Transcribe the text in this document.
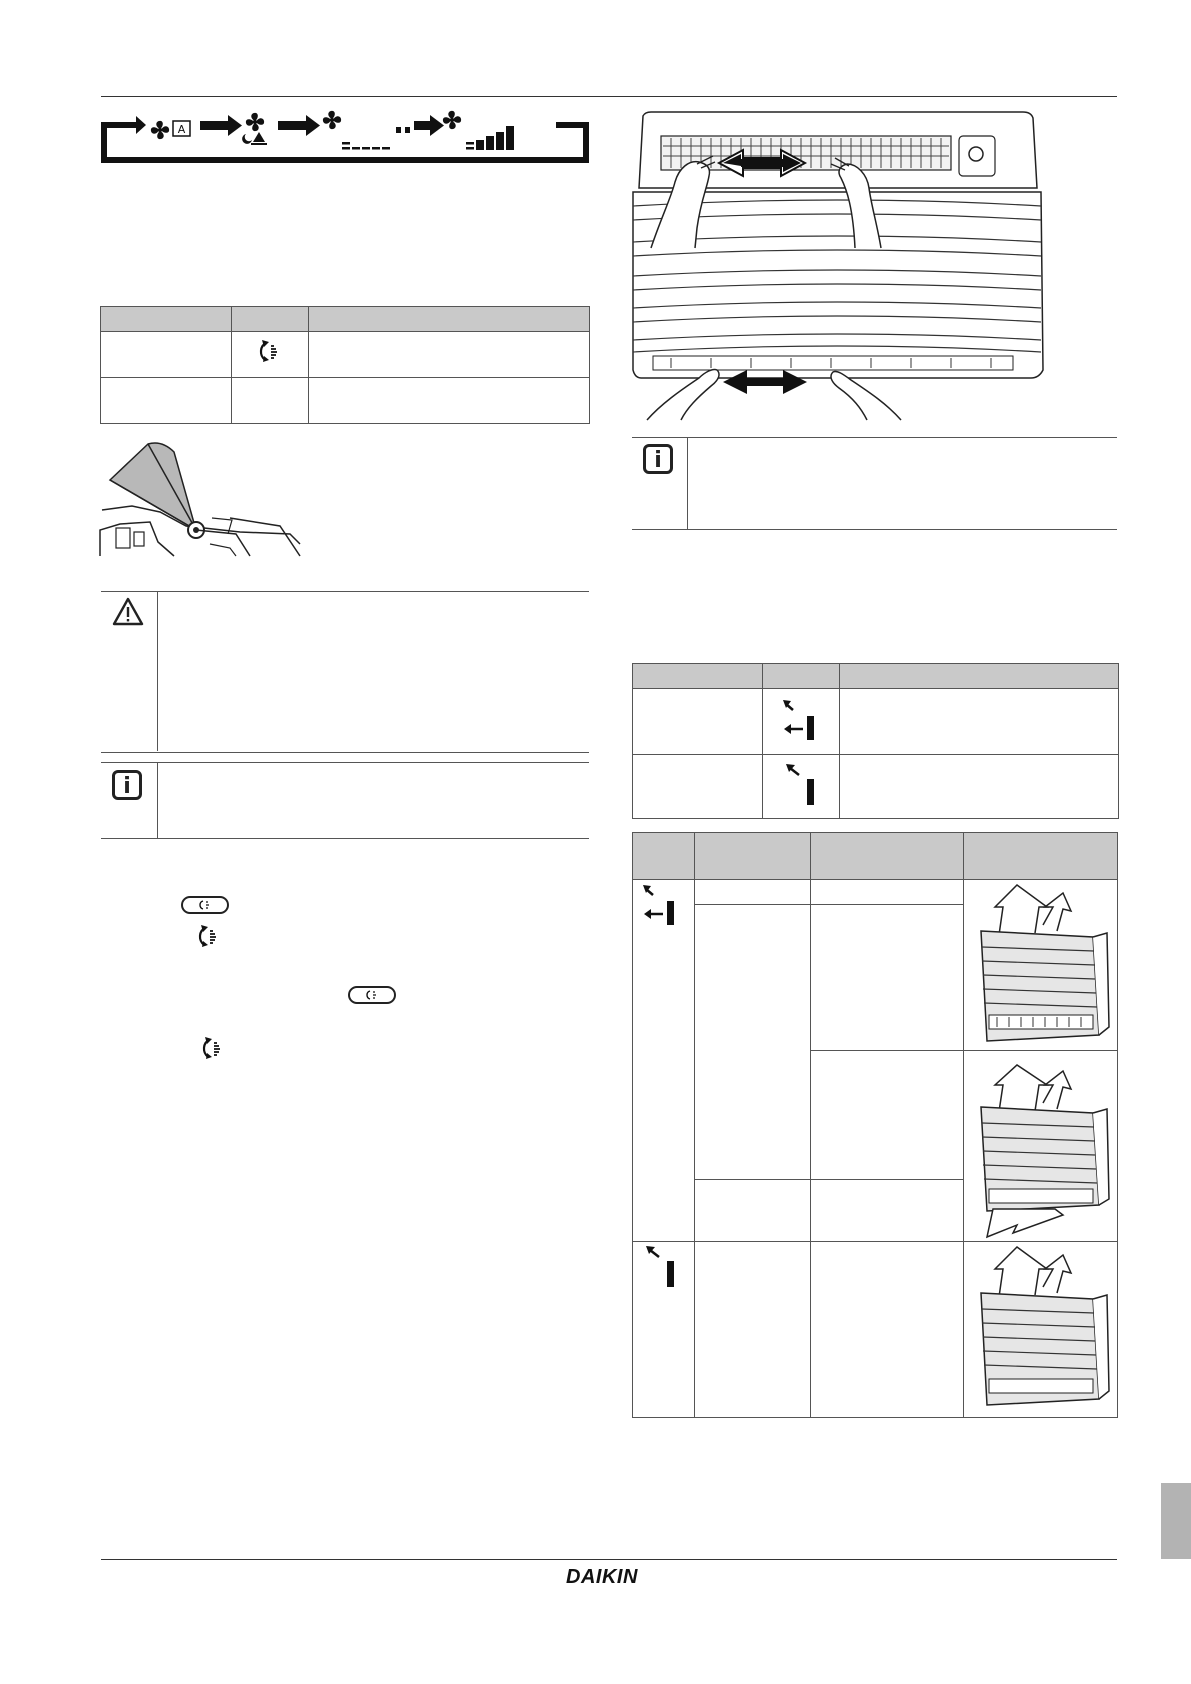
A

i
i

DAIKIN
